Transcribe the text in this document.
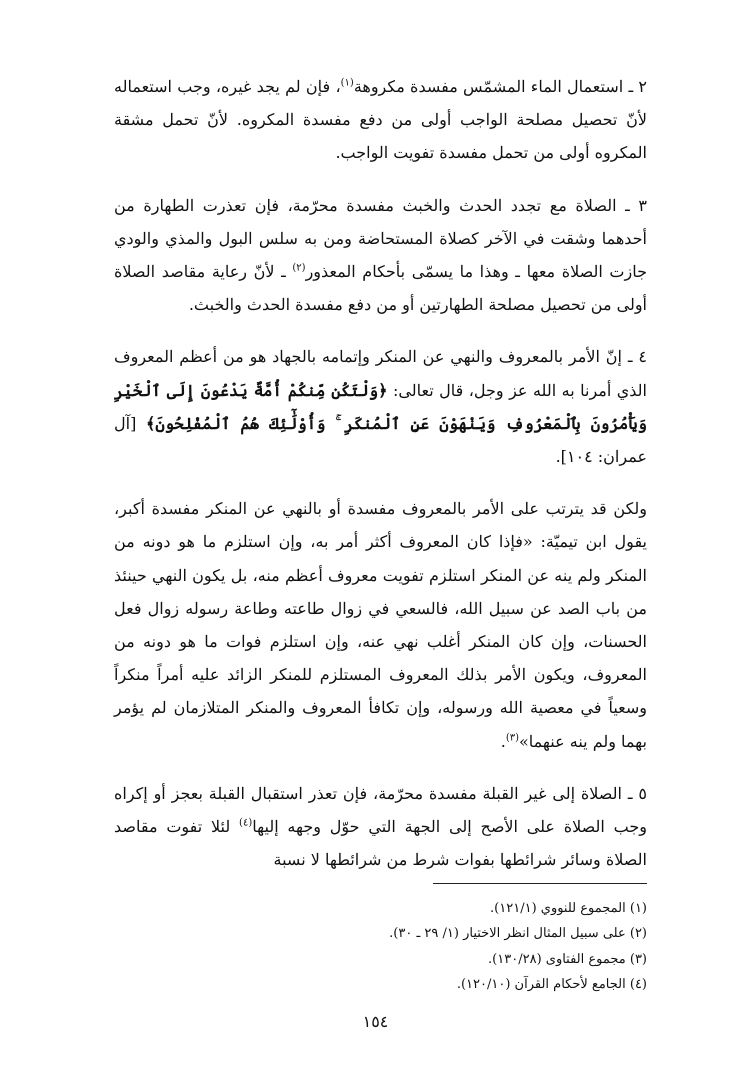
٢ ـ استعمال الماء المشمّس مفسدة مكروهة$^{(١)}$، فإن لم يجد غيره، وجب استعماله لأنّ تحصيل مصلحة الواجب أولى من دفع مفسدة المكروه. لأنّ تحمل مشقة المكروه أولى من تحمل مفسدة تفويت الواجب.

٣ ـ الصلاة مع تجدد الحدث والخبث مفسدة محرّمة، فإن تعذرت الطهارة من أحدهما وشقت في الآخر كصلاة المستحاضة ومن به سلس البول والمذي والودي جازت الصلاة معها ـ وهذا ما يسمّى بأحكام المعذور$^{(٢)}$ ـ لأنّ رعاية مقاصد الصلاة أولى من تحصيل مصلحة الطهارتين أو من دفع مفسدة الحدث والخبث.

٤ ـ إنّ الأمر بالمعروف والنهي عن المنكر وإتمامه بالجهاد هو من أعظم المعروف الذي أمرنا به الله عز وجل، قال تعالى: ﴿وَلْتَكُن مِّنكُمْ أُمَّةٌ يَدْعُونَ إِلَى ٱلْخَيْرِ وَيَأْمُرُونَ بِٱلْمَعْرُوفِ وَيَنْهَوْنَ عَنِ ٱلْمُنكَرِ ۚ وَأُوْلَٰٓئِكَ هُمُ ٱلْمُفْلِحُونَ﴾ [آل عمران: ١٠٤].

ولكن قد يترتب على الأمر بالمعروف مفسدة أو بالنهي عن المنكر مفسدة أكبر، يقول ابن تيميّة: «فإذا كان المعروف أكثر أمر به، وإن استلزم ما هو دونه من المنكر ولم ينه عن المنكر استلزم تفويت معروف أعظم منه، بل يكون النهي حينئذ من باب الصد عن سبيل الله، فالسعي في زوال طاعته وطاعة رسوله زوال فعل الحسنات، وإن كان المنكر أغلب نهي عنه، وإن استلزم فوات ما هو دونه من المعروف، ويكون الأمر بذلك المعروف المستلزم للمنكر الزائد عليه أمراً منكراً وسعياً في معصية الله ورسوله، وإن تكافأ المعروف والمنكر المتلازمان لم يؤمر بهما ولم ينه عنهما»$^{(٣)}$.

٥ ـ الصلاة إلى غير القبلة مفسدة محرّمة، فإن تعذر استقبال القبلة بعجز أو إكراه وجب الصلاة على الأصح إلى الجهة التي حوّل وجهه إليها$^{(٤)}$ لئلا تفوت مقاصد الصلاة وسائر شرائطها بفوات شرط من شرائطها لا نسبة

(١) المجموع للنووي (١٢١/١).
(٢) على سبيل المثال انظر الاختيار (١/ ٢٩ ـ ٣٠).
(٣) مجموع الفتاوى (١٣٠/٢٨).
(٤) الجامع لأحكام القرآن (١٢٠/١٠).
١٥٤
